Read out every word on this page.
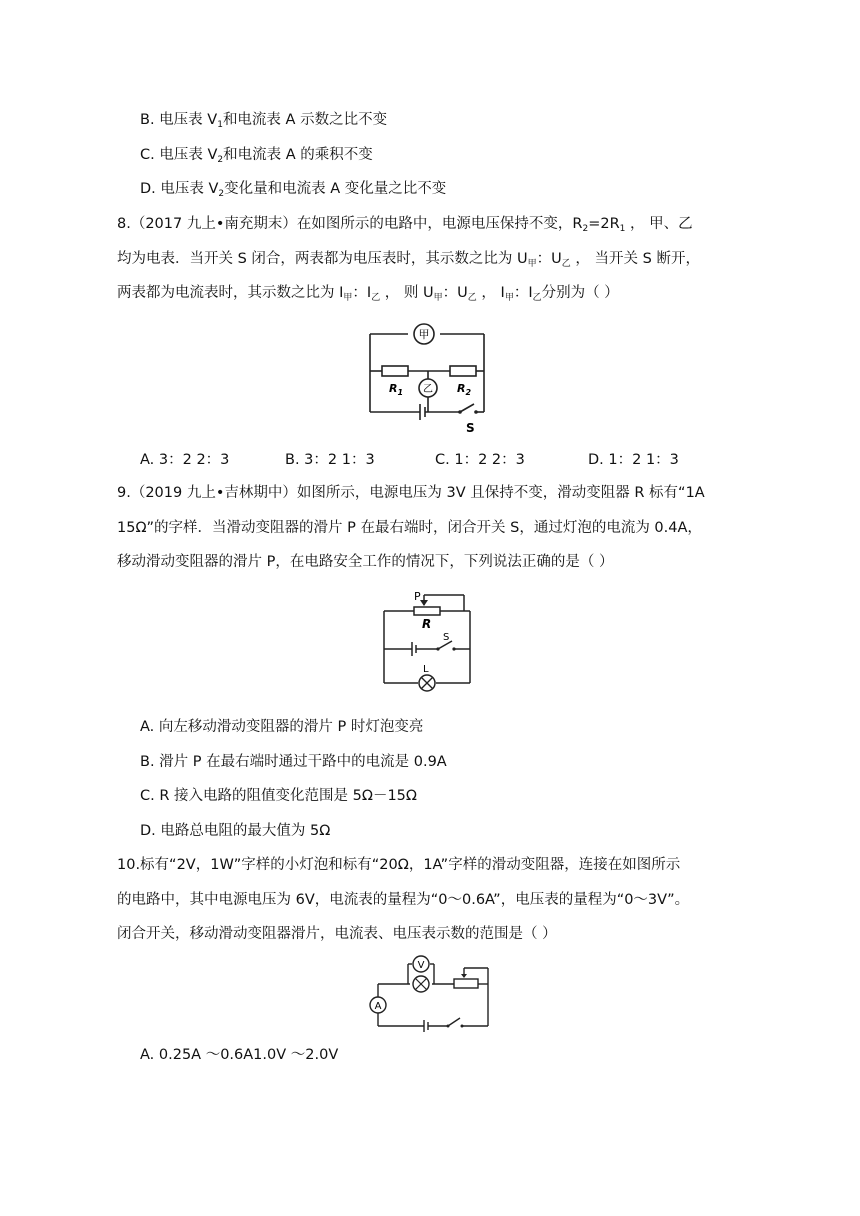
B. 电压表 $V_1$和电流表 A 示数之比不变
C. 电压表 $V_2$和电流表 A 的乘积不变
D. 电压表 $V_2$变化量和电流表 A 变化量之比不变
8.（2017 九上•南充期末）在如图所示的电路中，电源电压保持不变，$R_2=2R_1$ ， 甲、乙
均为电表．当开关 S 闭合，两表都为电压表时，其示数之比为 $U_甲$：$U_乙$ ， 当开关 S 断开，
两表都为电流表时，其示数之比为 $I_甲$：$I_乙$ ， 则 $U_甲$：$U_乙$ ， $I_甲$：$I_乙$分别为（ ）
甲
乙
$R_1$	$R_2$
S
A. 3：2 2：3	B. 3：2 1：3	C. 1：2 2：3	D. 1：2 1：3
9.（2019 九上•吉林期中）如图所示，电源电压为 3V 且保持不变，滑动变阻器 R 标有“1A
15Ω”的字样．当滑动变阻器的滑片 P 在最右端时，闭合开关 S，通过灯泡的电流为 0.4A，
移动滑动变阻器的滑片 P，在电路安全工作的情况下，下列说法正确的是（ ）
P
R
S
L
A. 向左移动滑动变阻器的滑片 P 时灯泡变亮
B. 滑片 P 在最右端时通过干路中的电流是 0.9A
C. R 接入电路的阻值变化范围是 5Ω－15Ω
D. 电路总电阻的最大值为 5Ω
10.标有“2V，1W”字样的小灯泡和标有“20Ω，1A”字样的滑动变阻器，连接在如图所示
的电路中，其中电源电压为 6V，电流表的量程为“0～0.6A”，电压表的量程为“0～3V”。
闭合开关，移动滑动变阻器滑片，电流表、电压表示数的范围是（ ）
V
A
A. 0.25A ～0.6A1.0V ～2.0V
